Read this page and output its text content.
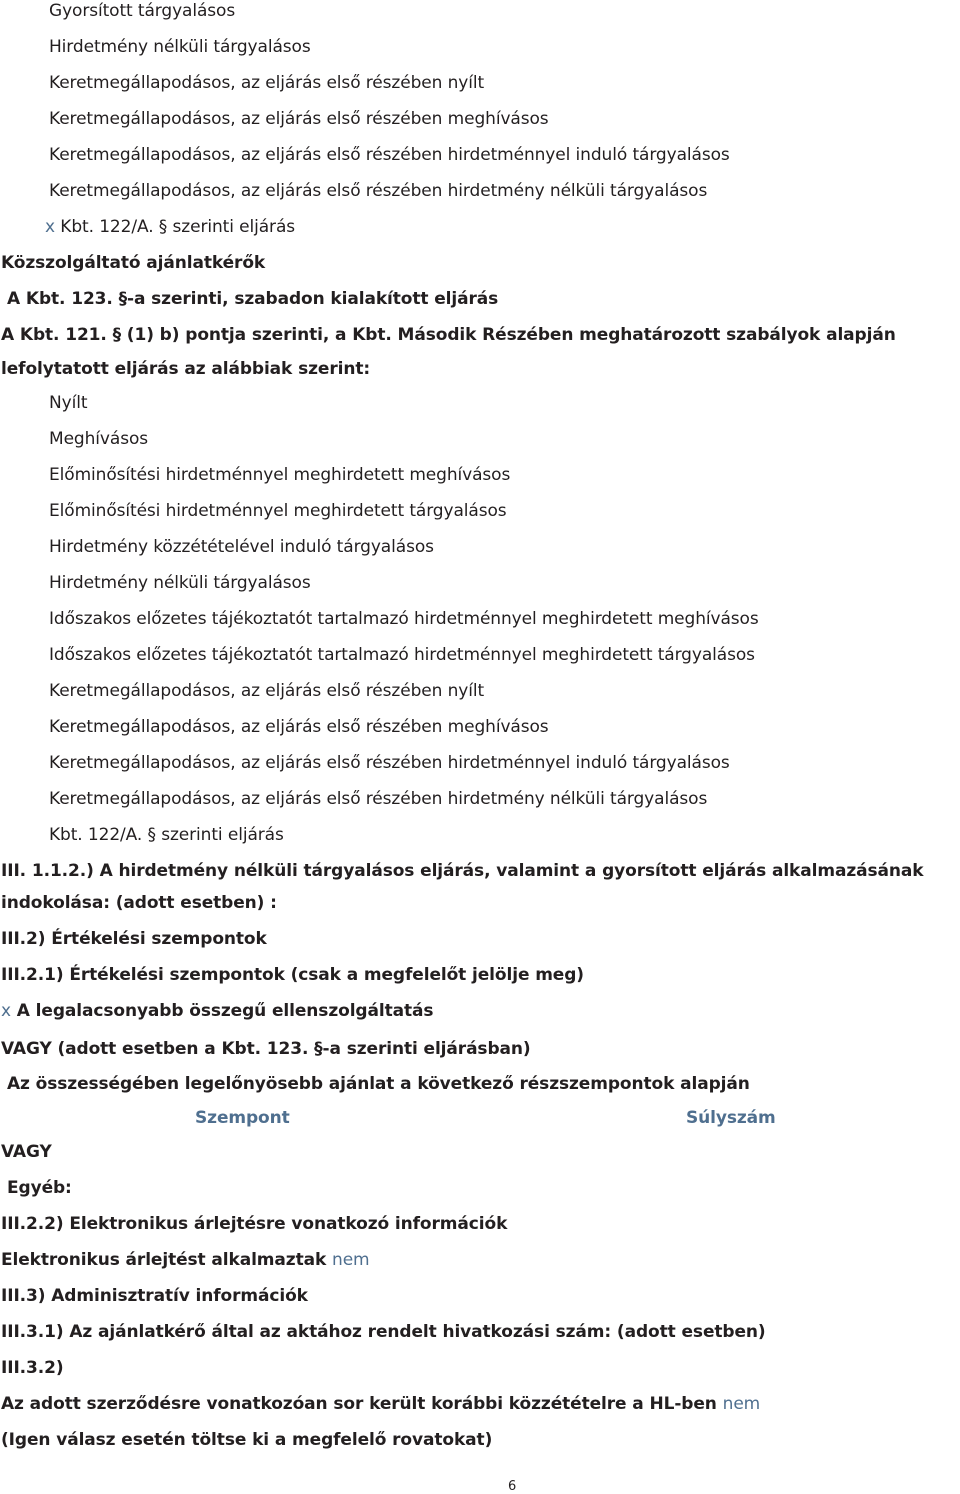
Gyorsított tárgyalásos
Hirdetmény nélküli tárgyalásos
Keretmegállapodásos, az eljárás első részében nyílt
Keretmegállapodásos, az eljárás első részében meghívásos
Keretmegállapodásos, az eljárás első részében hirdetménnyel induló tárgyalásos
Keretmegállapodásos, az eljárás első részében hirdetmény nélküli tárgyalásos
x Kbt. 122/A. § szerinti eljárás
Közszolgáltató ajánlatkérők
A Kbt. 123. §-a szerinti, szabadon kialakított eljárás
A Kbt. 121. § (1) b) pontja szerinti, a Kbt. Második Részében meghatározott szabályok alapján
lefolytatott eljárás az alábbiak szerint:
Nyílt
Meghívásos
Előminősítési hirdetménnyel meghirdetett meghívásos
Előminősítési hirdetménnyel meghirdetett tárgyalásos
Hirdetmény közzétételével induló tárgyalásos
Hirdetmény nélküli tárgyalásos
Időszakos előzetes tájékoztatót tartalmazó hirdetménnyel meghirdetett meghívásos
Időszakos előzetes tájékoztatót tartalmazó hirdetménnyel meghirdetett tárgyalásos
Keretmegállapodásos, az eljárás első részében nyílt
Keretmegállapodásos, az eljárás első részében meghívásos
Keretmegállapodásos, az eljárás első részében hirdetménnyel induló tárgyalásos
Keretmegállapodásos, az eljárás első részében hirdetmény nélküli tárgyalásos
Kbt. 122/A. § szerinti eljárás
III. 1.1.2.) A hirdetmény nélküli tárgyalásos eljárás, valamint a gyorsított eljárás alkalmazásának
indokolása: (adott esetben) :
III.2) Értékelési szempontok
III.2.1) Értékelési szempontok (csak a megfelelőt jelölje meg)
x A legalacsonyabb összegű ellenszolgáltatás
VAGY (adott esetben a Kbt. 123. §-a szerinti eljárásban)
Az összességében legelőnyösebb ajánlat a következő részszempontok alapján
Szempont	Súlyszám
VAGY
Egyéb:
III.2.2) Elektronikus árlejtésre vonatkozó információk
Elektronikus árlejtést alkalmaztak nem
III.3) Adminisztratív információk
III.3.1) Az ajánlatkérő által az aktához rendelt hivatkozási szám: (adott esetben)
III.3.2)
Az adott szerződésre vonatkozóan sor került korábbi közzétételre a HL-ben nem
(Igen válasz esetén töltse ki a megfelelő rovatokat)
6
